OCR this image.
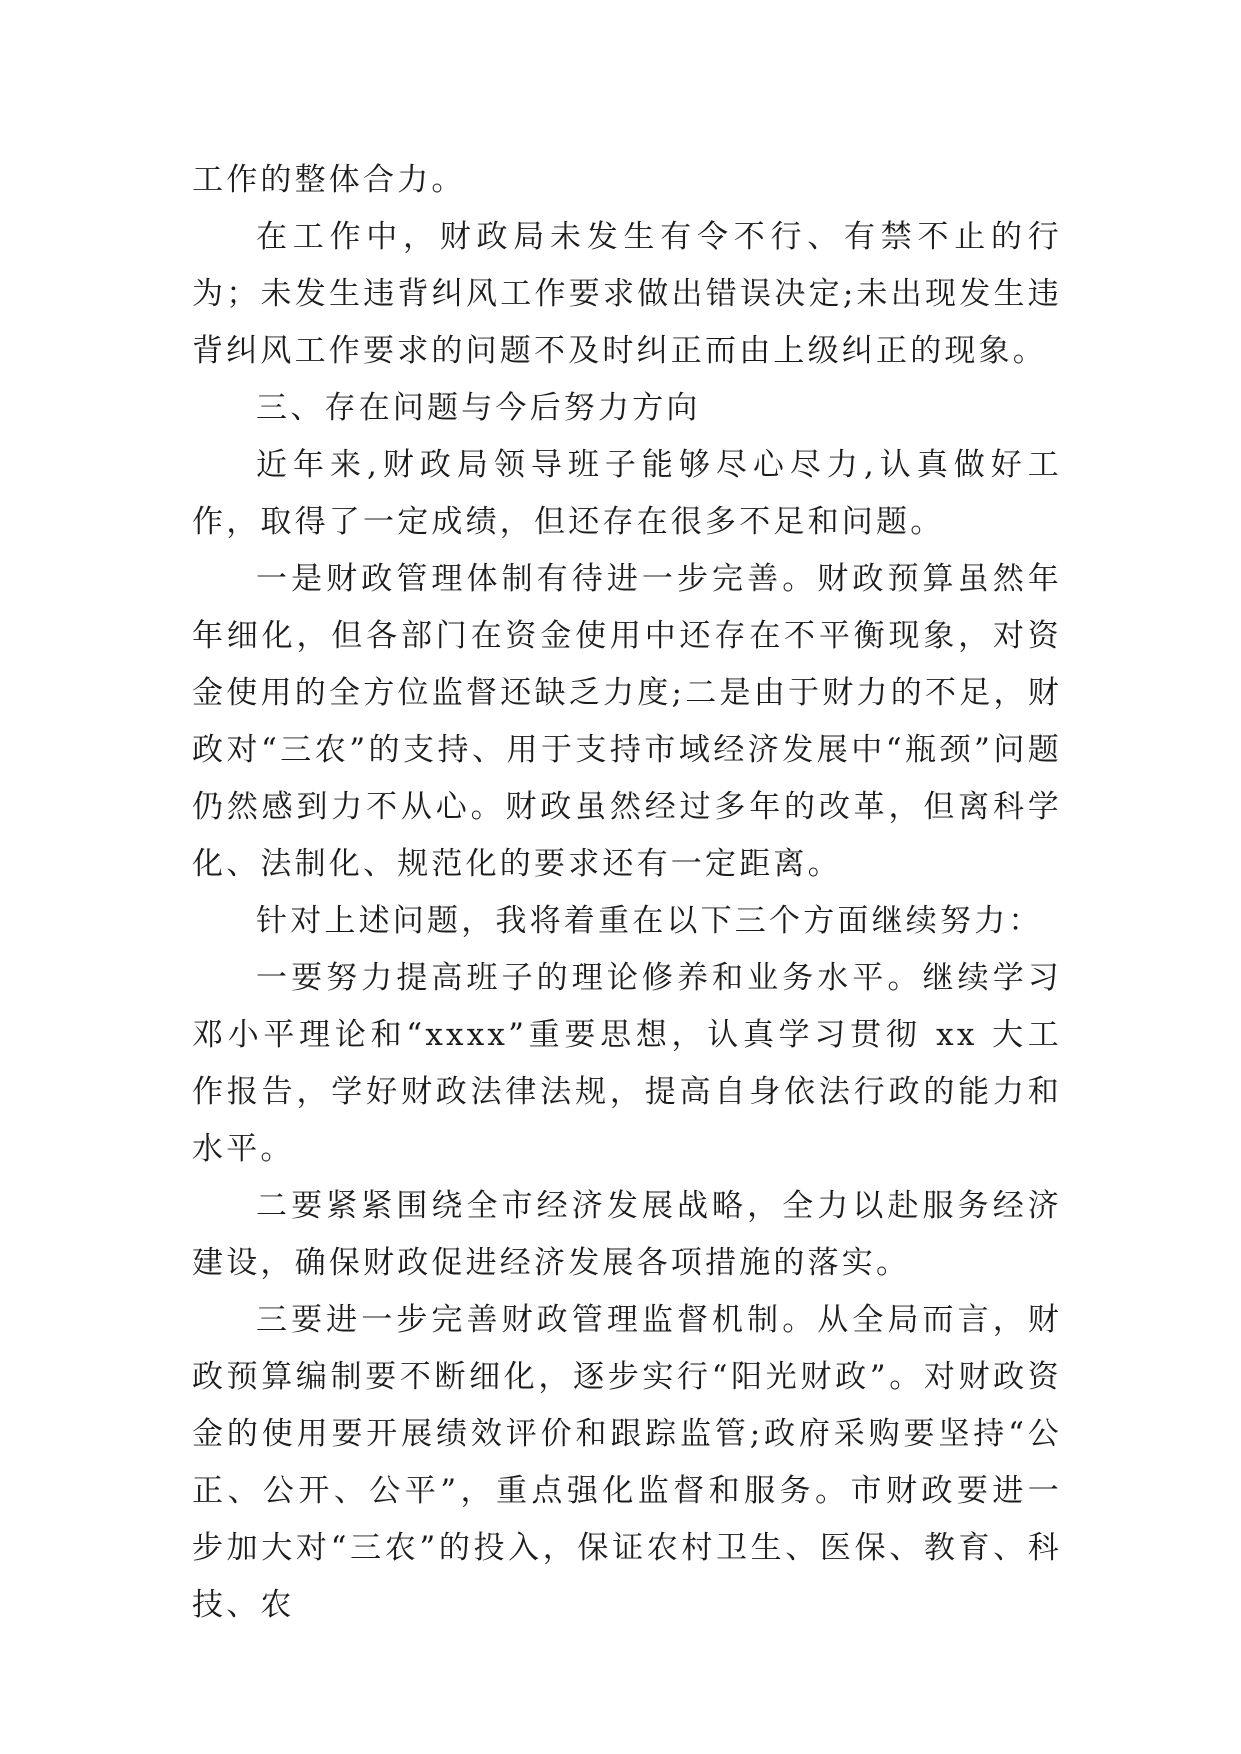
工作的整体合力。

在工作中，财政局未发生有令不行、有禁不止的行为；未发生违背纠风工作要求做出错误决定;未出现发生违背纠风工作要求的问题不及时纠正而由上级纠正的现象。

三、存在问题与今后努力方向

近年来,财政局领导班子能够尽心尽力,认真做好工作，取得了一定成绩，但还存在很多不足和问题。

一是财政管理体制有待进一步完善。财政预算虽然年年细化，但各部门在资金使用中还存在不平衡现象，对资金使用的全方位监督还缺乏力度;二是由于财力的不足，财政对“三农”的支持、用于支持市域经济发展中“瓶颈”问题仍然感到力不从心。财政虽然经过多年的改革，但离科学化、法制化、规范化的要求还有一定距离。

针对上述问题，我将着重在以下三个方面继续努力：

一要努力提高班子的理论修养和业务水平。继续学习邓小平理论和“xxxx”重要思想，认真学习贯彻 xx 大工作报告，学好财政法律法规，提高自身依法行政的能力和水平。

二要紧紧围绕全市经济发展战略，全力以赴服务经济建设，确保财政促进经济发展各项措施的落实。

三要进一步完善财政管理监督机制。从全局而言，财政预算编制要不断细化，逐步实行“阳光财政”。对财政资金的使用要开展绩效评价和跟踪监管;政府采购要坚持“公正、公开、公平”，重点强化监督和服务。市财政要进一步加大对“三农”的投入，保证农村卫生、医保、教育、科技、农
